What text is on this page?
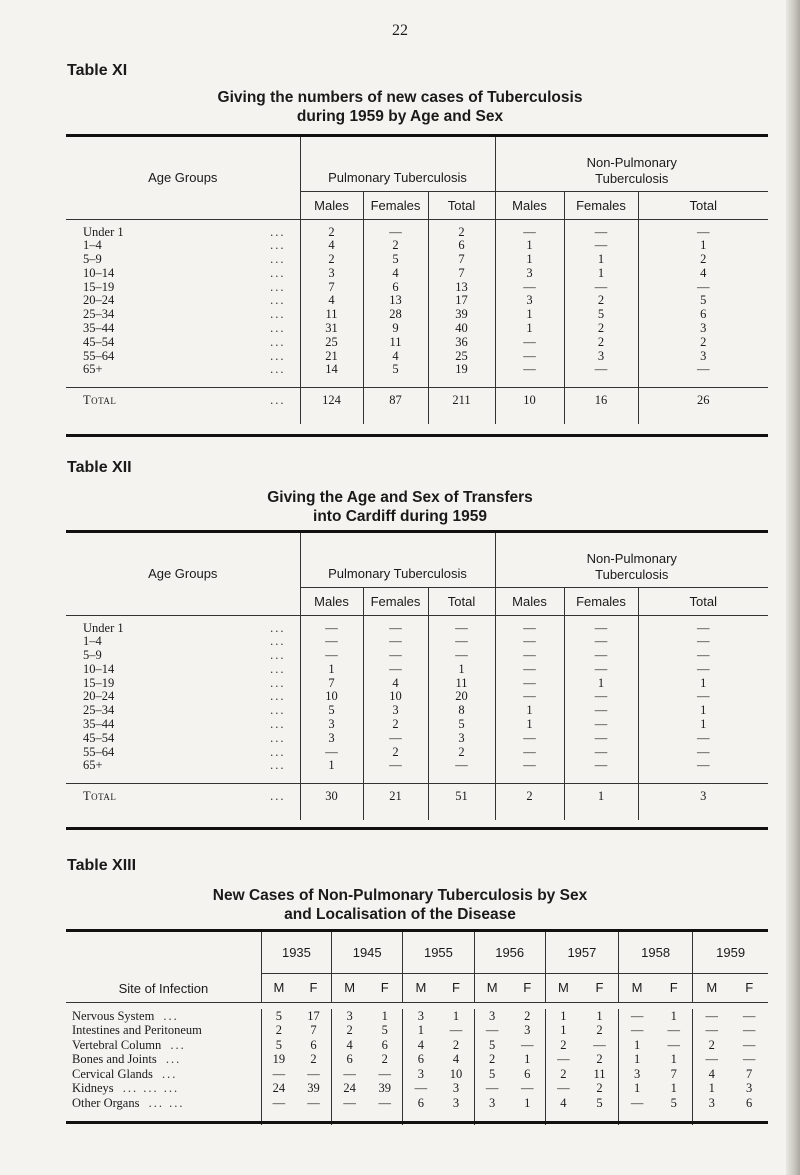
22
Table XI
Giving the numbers of new cases of Tuberculosis
during 1959 by Age and Sex
Age Groups	Pulmonary Tuberculosis			Non-Pulmonary
Tuberculosis		
	Males	Females	Total	Males	Females	Total

Under 1 ...	2	—	2	—	—	—
1–4 ...	4	2	6	1	—	1
5–9 ...	2	5	7	1	1	2
10–14 ...	3	4	7	3	1	4
15–19 ...	7	6	13	—	—	—
20–24 ...	4	13	17	3	2	5
25–34 ...	11	28	39	1	5	6
35–44 ...	31	9	40	1	2	3
45–54 ...	25	11	36	—	2	2
55–64 ...	21	4	25	—	3	3
65+ ...	14	5	19	—	—	—

Total ...	124	87	211	10	16	26

Table XII
Giving the Age and Sex of Transfers
into Cardiff during 1959
Age Groups	Pulmonary Tuberculosis			Non-Pulmonary
Tuberculosis		
	Males	Females	Total	Males	Females	Total

Under 1 ...	—	—	—	—	—	—
1–4 ...	—	—	—	—	—	—
5–9 ...	—	—	—	—	—	—
10–14 ...	1	—	1	—	—	—
15–19 ...	7	4	11	—	1	1
20–24 ...	10	10	20	—	—	—
25–34 ...	5	3	8	1	—	1
35–44 ...	3	2	5	1	—	1
45–54 ...	3	—	3	—	—	—
55–64 ...	—	2	2	—	—	—
65+ ...	1	—	—	—	—	—

Total ...	30	21	51	2	1	3

Table XIII
New Cases of Non-Pulmonary Tuberculosis by Sex
and Localisation of the Disease
Site of Infection	1935		1945		1955		1956		1957		1958		1959	
	M	F	M	F	M	F	M	F	M	F	M	F	M	F

Nervous System ...	5	17	3	1	3	1	3	2	1	1	—	1	—	—
Intestines and Peritoneum	2	7	2	5	1	—	—	3	1	2	—	—	—	—
Vertebral Column ...	5	6	4	6	4	2	5	—	2	—	1	—	2	—
Bones and Joints ...	19	2	6	2	6	4	2	1	—	2	1	1	—	—
Cervical Glands ...	—	—	—	—	3	10	5	6	2	11	3	7	4	7
Kidneys ... ... ...	24	39	24	39	—	3	—	—	—	2	1	1	1	3
Other Organs ... ...	—	—	—	—	6	3	3	1	4	5	—	5	3	6
